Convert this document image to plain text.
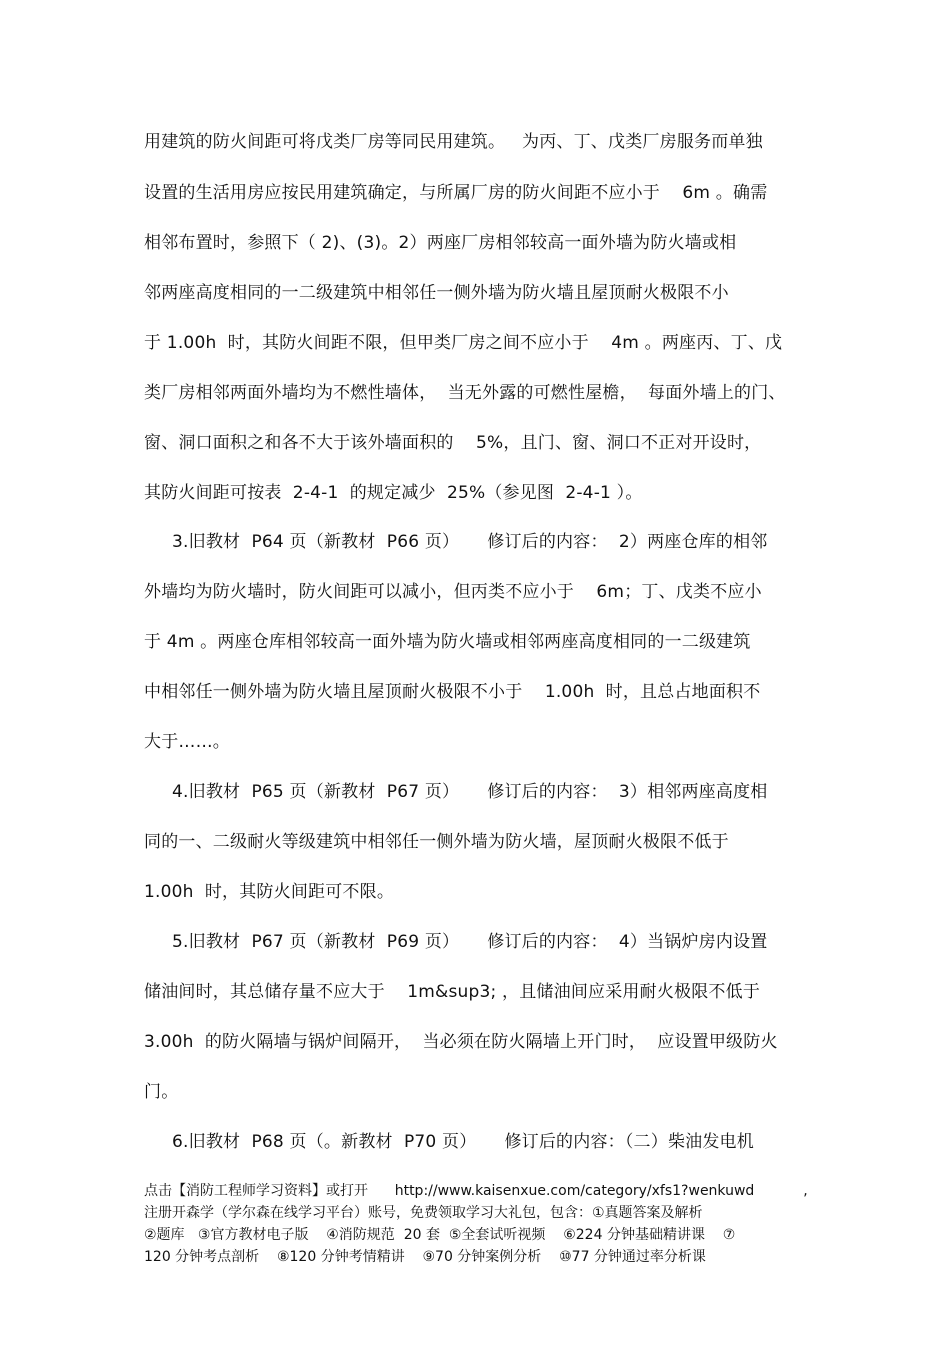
用建筑的防火间距可将戊类厂房等同民用建筑。   为丙、丁、戊类厂房服务而单独

设置的生活用房应按民用建筑确定，与所属厂房的防火间距不应小于    6m 。确需

相邻布置时，参照下（ 2)、(3)。2）两座厂房相邻较高一面外墙为防火墙或相

邻两座高度相同的一二级建筑中相邻任一侧外墙为防火墙且屋顶耐火极限不小

于 1.00h  时，其防火间距不限，但甲类厂房之间不应小于    4m 。两座丙、丁、戊

类厂房相邻两面外墙均为不燃性墙体，  当无外露的可燃性屋檐，  每面外墙上的门、

窗、洞口面积之和各不大于该外墙面积的    5%，且门、窗、洞口不正对开设时，

其防火间距可按表  2-4-1  的规定减少  25%（参见图  2-4-1 ）。

3.旧教材  P64 页（新教材  P66 页）     修订后的内容：  2）两座仓库的相邻

外墙均为防火墙时，防火间距可以减小，但丙类不应小于    6m；丁、戊类不应小

于 4m 。两座仓库相邻较高一面外墙为防火墙或相邻两座高度相同的一二级建筑

中相邻任一侧外墙为防火墙且屋顶耐火极限不小于    1.00h  时，且总占地面积不

大于……。

4.旧教材  P65 页（新教材  P67 页）     修订后的内容：  3）相邻两座高度相

同的一、二级耐火等级建筑中相邻任一侧外墙为防火墙，屋顶耐火极限不低于

1.00h  时，其防火间距可不限。

5.旧教材  P67 页（新教材  P69 页）     修订后的内容：  4）当锅炉房内设置

储油间时，其总储存量不应大于    1m&sup3; ，且储油间应采用耐火极限不低于

3.00h  的防火隔墙与锅炉间隔开，  当必须在防火隔墙上开门时，  应设置甲级防火

门。

6.旧教材  P68 页（。新教材  P70 页）     修订后的内容：（二）柴油发电机

点击【消防工程师学习资料】或打开      http://www.kaisenxue.com/category/xfs1?wenkuwd           ,

注册开森学（学尔森在线学习平台）账号，免费领取学习大礼包，包含：①真题答案及解析

②题库   ③官方教材电子版    ④消防规范  20 套  ⑤全套试听视频    ⑥224 分钟基础精讲课    ⑦

120 分钟考点剖析    ⑧120 分钟考情精讲    ⑨70 分钟案例分析    ⑩77 分钟通过率分析课
